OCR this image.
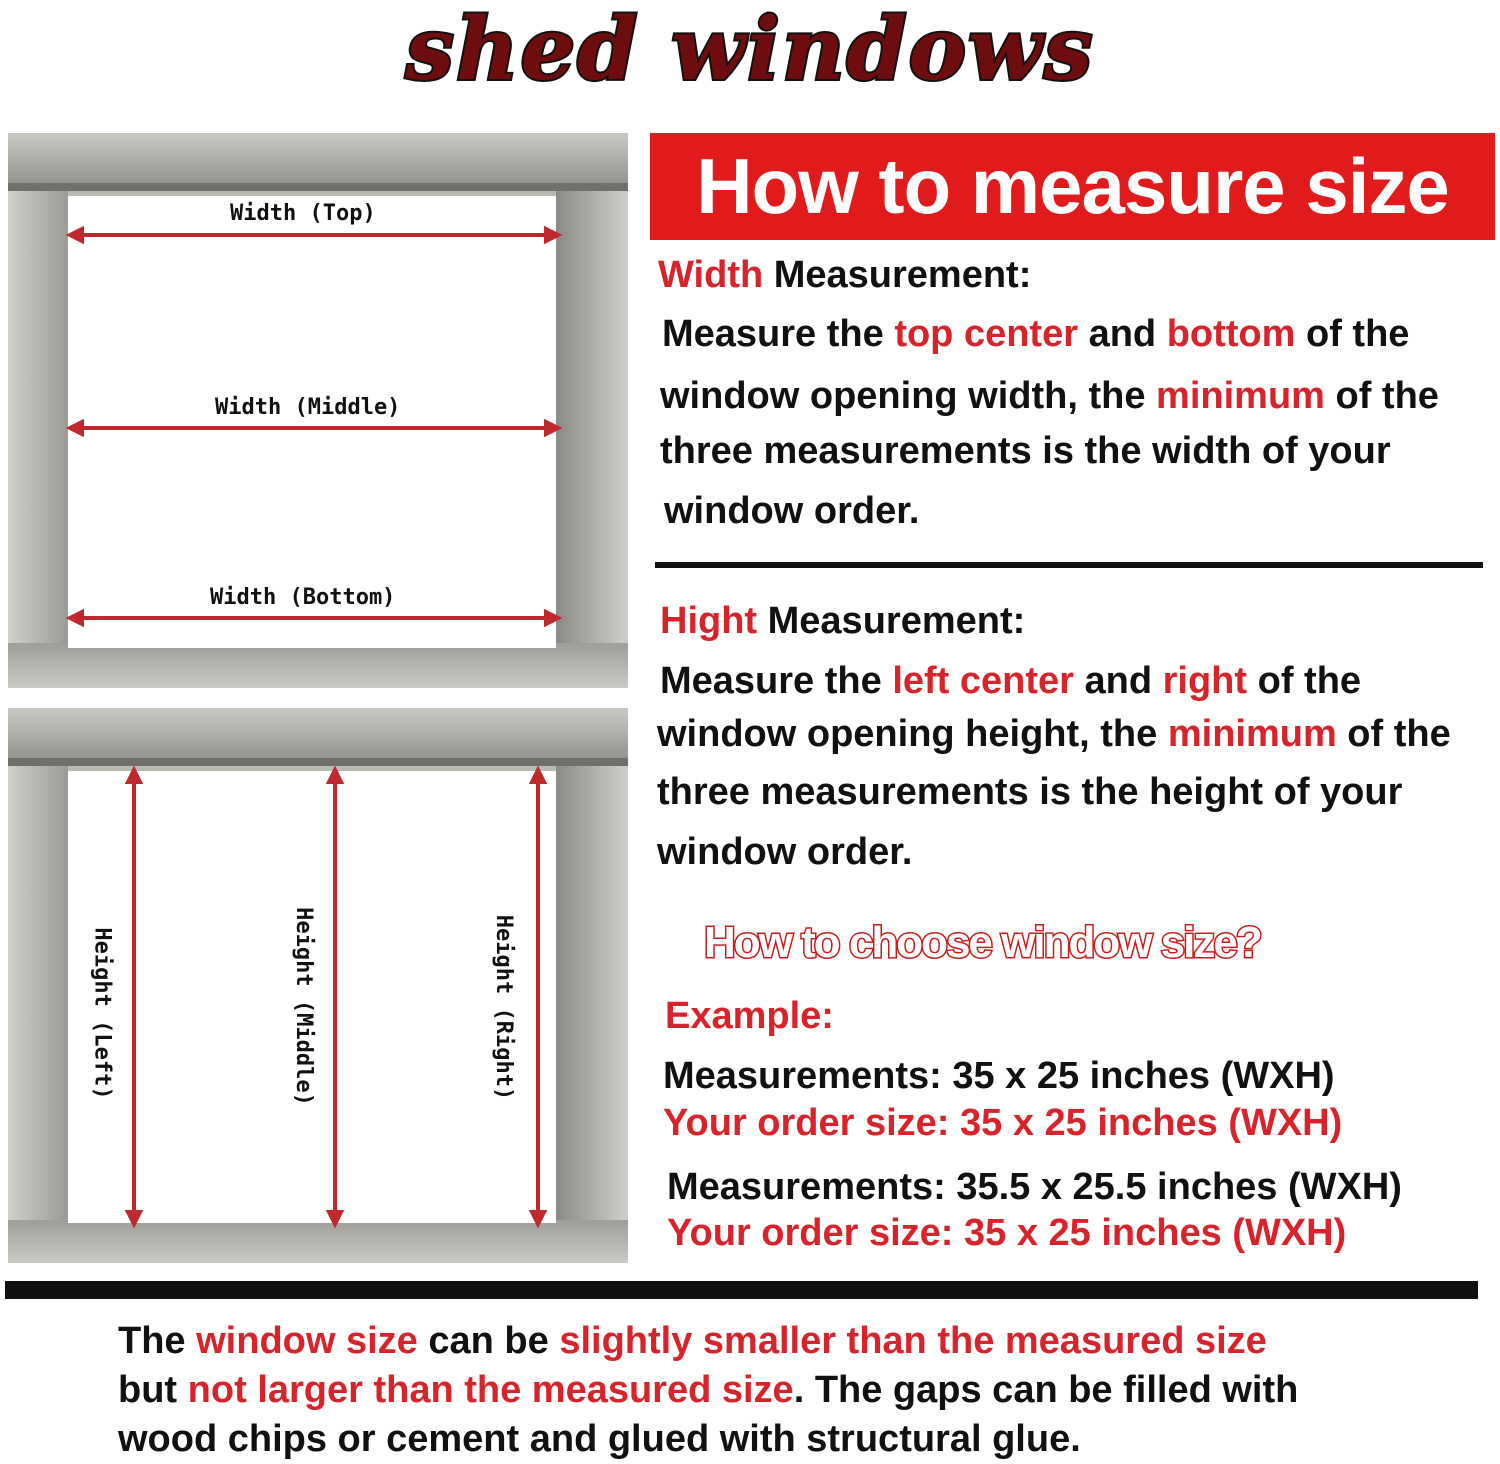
shed windows
Width (Top)
Width (Middle)
Width (Bottom)
Height (Left)	Height (Middle)	Height (Right)
How to measure size
Width Measurement:
Measure the top center and bottom of the
window opening width, the minimum of the
three measurements is the width of your
window order.
Hight Measurement:
Measure the left center and right of the
window opening height, the minimum of the
three measurements is the height of your
window order.
How to choose window size?
Example:
Measurements: 35 x 25 inches (WXH)
Your order size: 35 x 25 inches (WXH)
Measurements: 35.5 x 25.5 inches (WXH)
Your order size: 35 x 25 inches (WXH)
The window size can be slightly smaller than the measured size
but not larger than the measured size. The gaps can be filled with
wood chips or cement and glued with structural glue.
